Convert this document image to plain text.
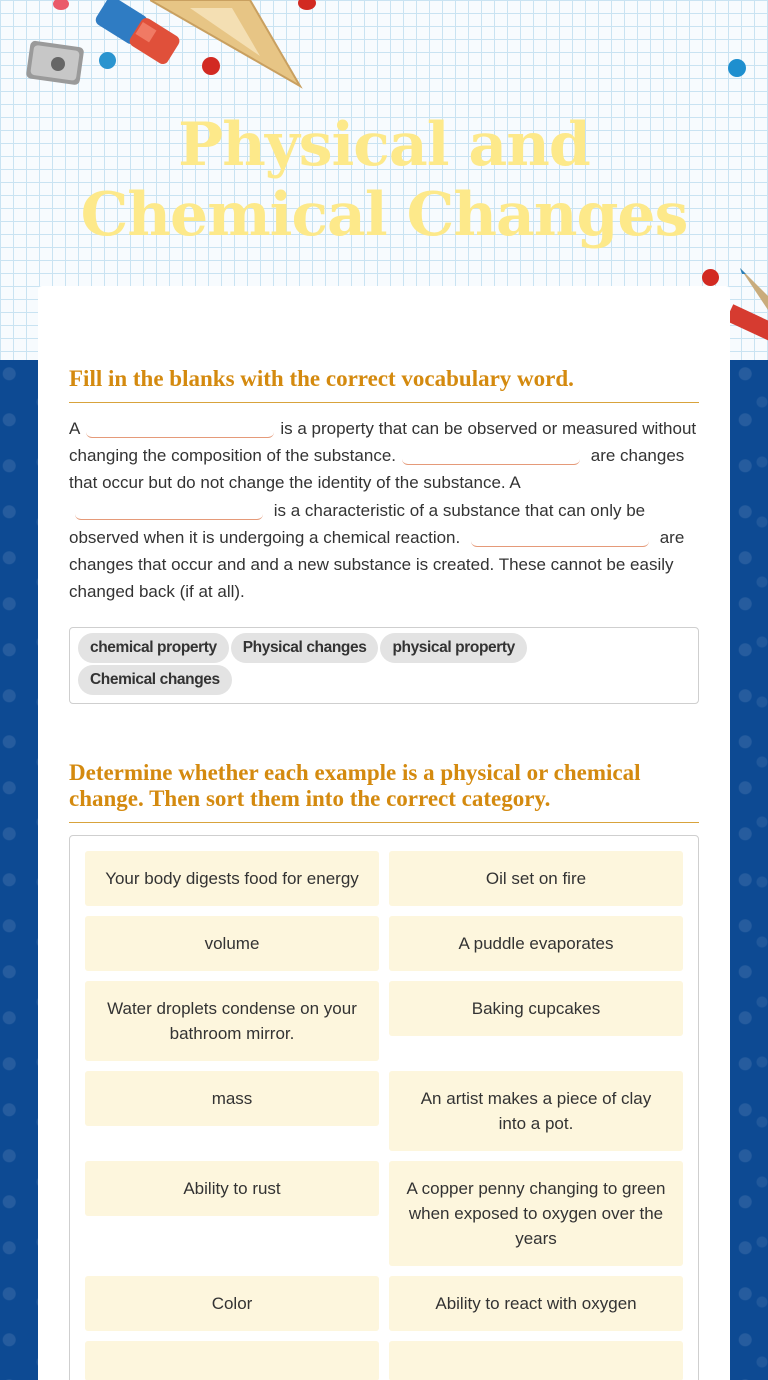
Physical and Chemical Changes
Fill in the blanks with the correct vocabulary word.

A	is a property that can be observed or measured without changing the composition of the substance.	are changes that occur but do not change the identity of the substance. A  is a characteristic of a substance that can only be observed when it is undergoing a chemical reaction.	are changes that occur and and a new substance is created. These cannot be easily changed back (if at all).

chemical property Physical changes physical property
Chemical changes
Determine whether each example is a physical or chemical change. Then sort them into the correct category.
Your body digests food for energy	Oil set on fire
volume	A puddle evaporates
Water droplets condense on your bathroom mirror.
Baking cupcakes
mass	An artist makes a piece of clay into a pot.
Ability to rust	A copper penny changing to green when exposed to oxygen over the years
Color	Ability to react with oxygen
